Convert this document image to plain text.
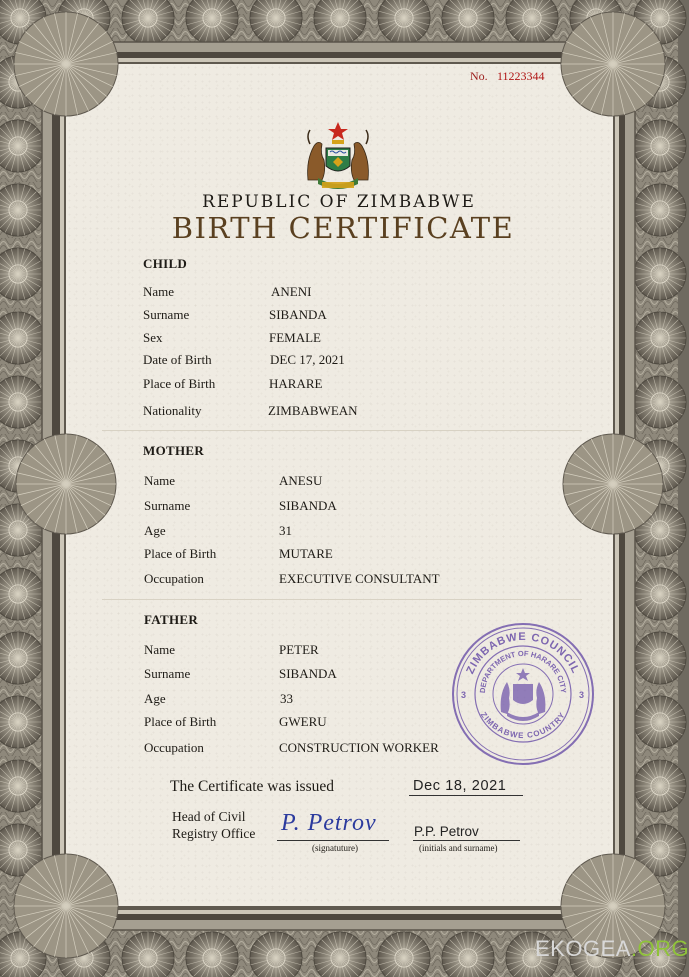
No. 11223344
REPUBLIC OF ZIMBABWE
BIRTH CERTIFICATE
CHILD
Name	ANENI
Surname	SIBANDA
Sex	FEMALE
Date of Birth	DEC 17, 2021
Place of Birth	HARARE
Nationality	ZIMBABWEAN
MOTHER
Name	ANESU
Surname	SIBANDA
Age	31
Place of Birth	MUTARE
Occupation	EXECUTIVE CONSULTANT
FATHER
Name	PETER
Surname	SIBANDA
Age	33
Place of Birth	GWERU
Occupation	CONSTRUCTION WORKER
ZIMBABWE COUNCIL
DEPARTMENT OF HARARE CITY
ZIMBABWE COUNTRY
3	3
The Certificate was issued	Dec 18, 2021
Head of Civil Registry Office	P. Petrov
(signatuture)
P.P. Petrov
(initials and surname)
EKOGEA.ORG
